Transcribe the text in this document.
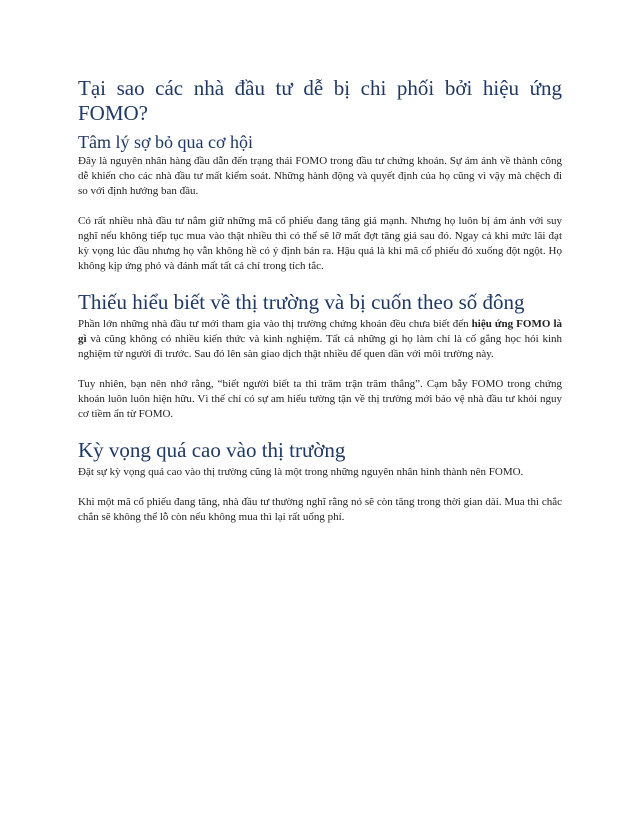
Tại sao các nhà đầu tư dễ bị chi phối bởi hiệu ứng FOMO?
Tâm lý sợ bỏ qua cơ hội

Đây là nguyên nhân hàng đầu dẫn đến trạng thái FOMO trong đầu tư chứng khoán. Sự ám ảnh về thành công dễ khiến cho các nhà đầu tư mất kiểm soát. Những hành động và quyết định của họ cũng vì vậy mà chệch đi so với định hướng ban đầu.

Có rất nhiều nhà đầu tư nắm giữ những mã cổ phiếu đang tăng giá mạnh. Nhưng họ luôn bị ám ảnh với suy nghĩ nếu không tiếp tục mua vào thật nhiều thì có thể sẽ lỡ mất đợt tăng giá sau đó. Ngay cả khi mức lãi đạt kỳ vọng lúc đầu nhưng họ vẫn không hề có ý định bán ra. Hậu quả là khi mã cổ phiếu đó xuống đột ngột. Họ không kịp ứng phó và đánh mất tất cả chỉ trong tích tắc.

Thiếu hiểu biết về thị trường và bị cuốn theo số đông

Phần lớn những nhà đầu tư mới tham gia vào thị trường chứng khoán đều chưa biết đến hiệu ứng FOMO là gì và cũng không có nhiều kiến thức và kinh nghiệm. Tất cả những gì họ làm chỉ là cố gắng học hỏi kinh nghiệm từ người đi trước. Sau đó lên sàn giao dịch thật nhiều để quen dần với môi trường này.

Tuy nhiên, bạn nên nhớ rằng, “biết người biết ta thì trăm trận trăm thắng”. Cạm bẫy FOMO trong chứng khoán luôn luôn hiện hữu. Vì thế chỉ có sự am hiểu tường tận về thị trường mới bảo vệ nhà đầu tư khỏi nguy cơ tiềm ẩn từ FOMO.

Kỳ vọng quá cao vào thị trường

Đặt sự kỳ vọng quá cao vào thị trường cũng là một trong những nguyên nhân hình thành nên FOMO.

Khi một mã cổ phiếu đang tăng, nhà đầu tư thường nghĩ rằng nó sẽ còn tăng trong thời gian dài. Mua thì chắc chắn sẽ không thể lỗ còn nếu không mua thì lại rất uổng phí.
